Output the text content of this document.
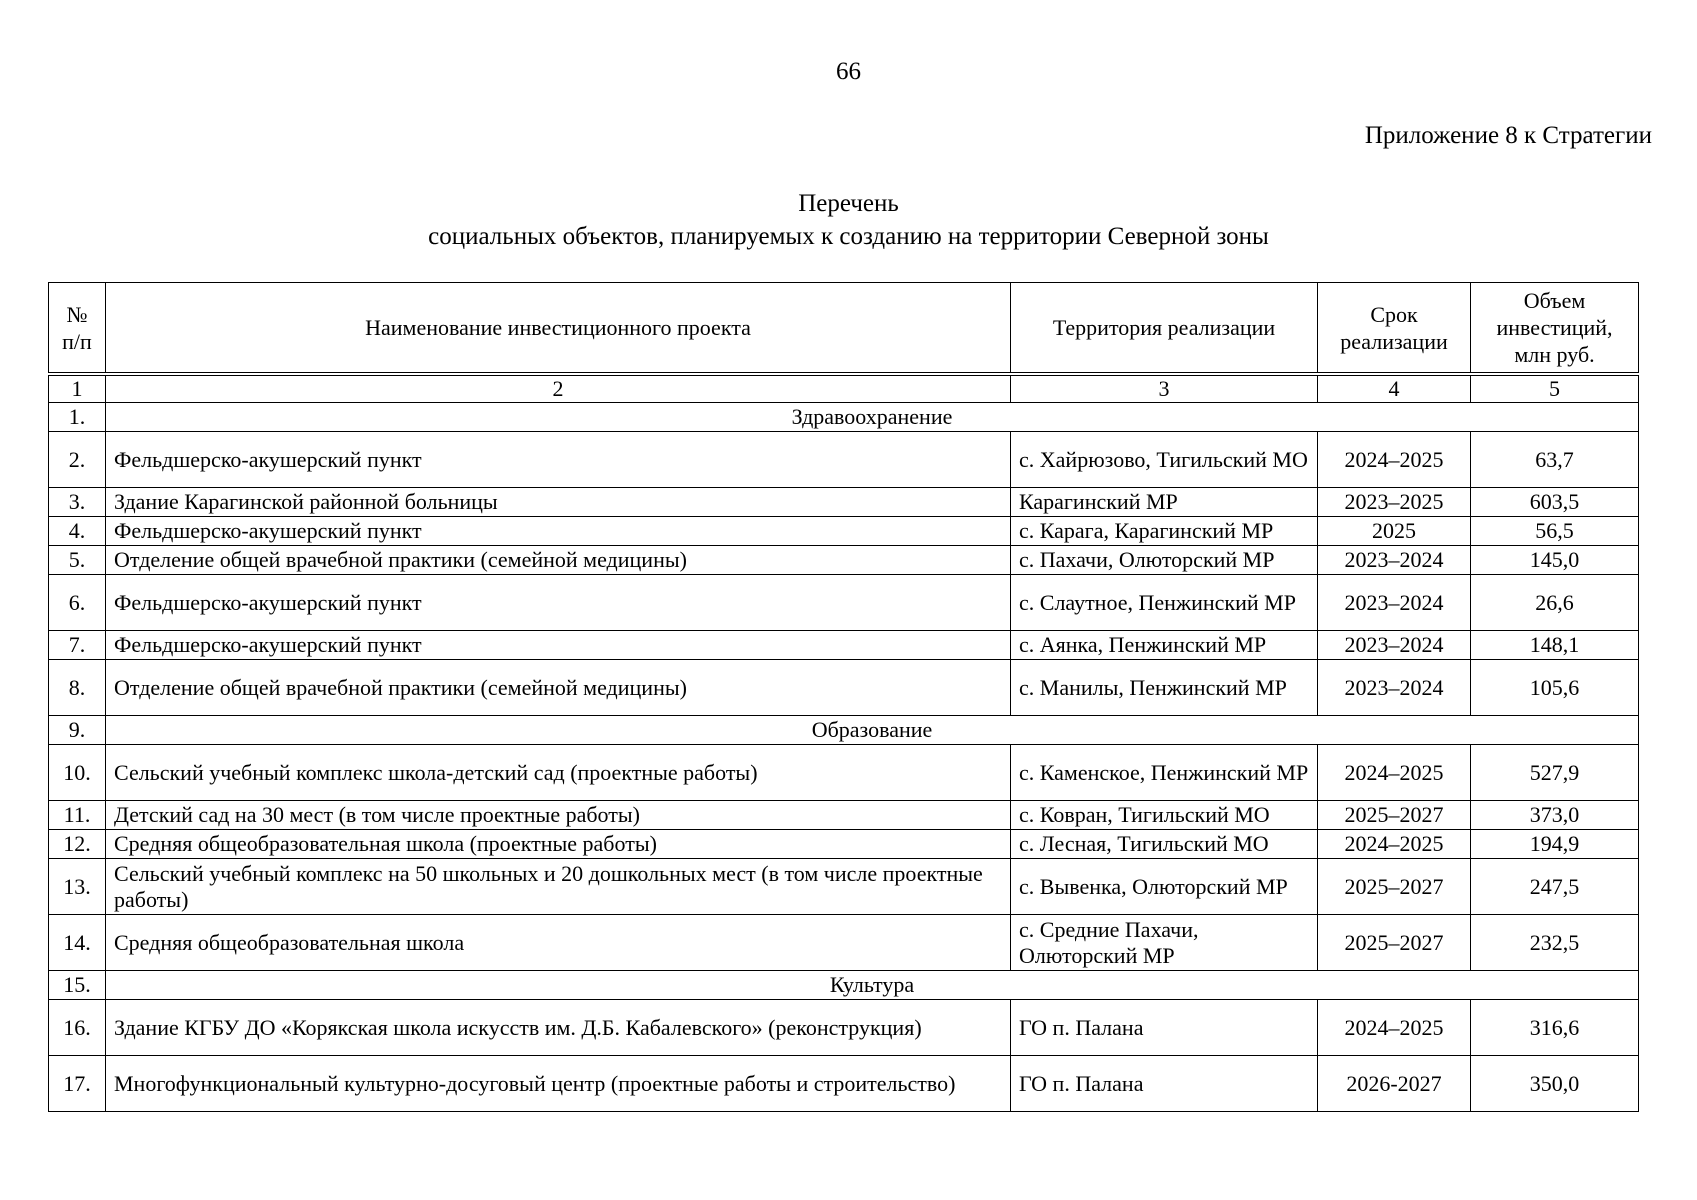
66
Приложение 8 к Стратегии
Перечень
социальных объектов, планируемых к созданию на территории Северной зоны
№ п/п	Наименование инвестиционного проекта	Территория реализации	Срок реализации	Объем инвестиций, млн руб.
1	2	3	4	5
1.	Здравоохранение			
2.	Фельдшерско-акушерский пункт	с. Хайрюзово, Тигильский МО	2024–2025	63,7
3.	Здание Карагинской районной больницы	Карагинский МР	2023–2025	603,5
4.	Фельдшерско-акушерский пункт	с. Карага, Карагинский МР	2025	56,5
5.	Отделение общей врачебной практики (семейной медицины)	с. Пахачи, Олюторский МР	2023–2024	145,0
6.	Фельдшерско-акушерский пункт	с. Слаутное, Пенжинский МР	2023–2024	26,6
7.	Фельдшерско-акушерский пункт	с. Аянка, Пенжинский МР	2023–2024	148,1
8.	Отделение общей врачебной практики (семейной медицины)	с. Манилы, Пенжинский МР	2023–2024	105,6
9.	Образование			
10.	Сельский учебный комплекс школа-детский сад (проектные работы)	с. Каменское, Пенжинский МР	2024–2025	527,9
11.	Детский сад на 30 мест (в том числе проектные работы)	с. Ковран, Тигильский МО	2025–2027	373,0
12.	Средняя общеобразовательная школа (проектные работы)	с. Лесная, Тигильский МО	2024–2025	194,9
13.	Сельский учебный комплекс на 50 школьных и 20 дошкольных мест (в том числе проектные работы)	с. Вывенка, Олюторский МР	2025–2027	247,5
14.	Средняя общеобразовательная школа	с. Средние Пахачи, Олюторский МР	2025–2027	232,5
15.	Культура			
16.	Здание КГБУ ДО «Корякская школа искусств им. Д.Б. Кабалевского» (реконструкция)	ГО п. Палана	2024–2025	316,6
17.	Многофункциональный культурно-досуговый центр (проектные работы и строительство)	ГО п. Палана	2026-2027	350,0
